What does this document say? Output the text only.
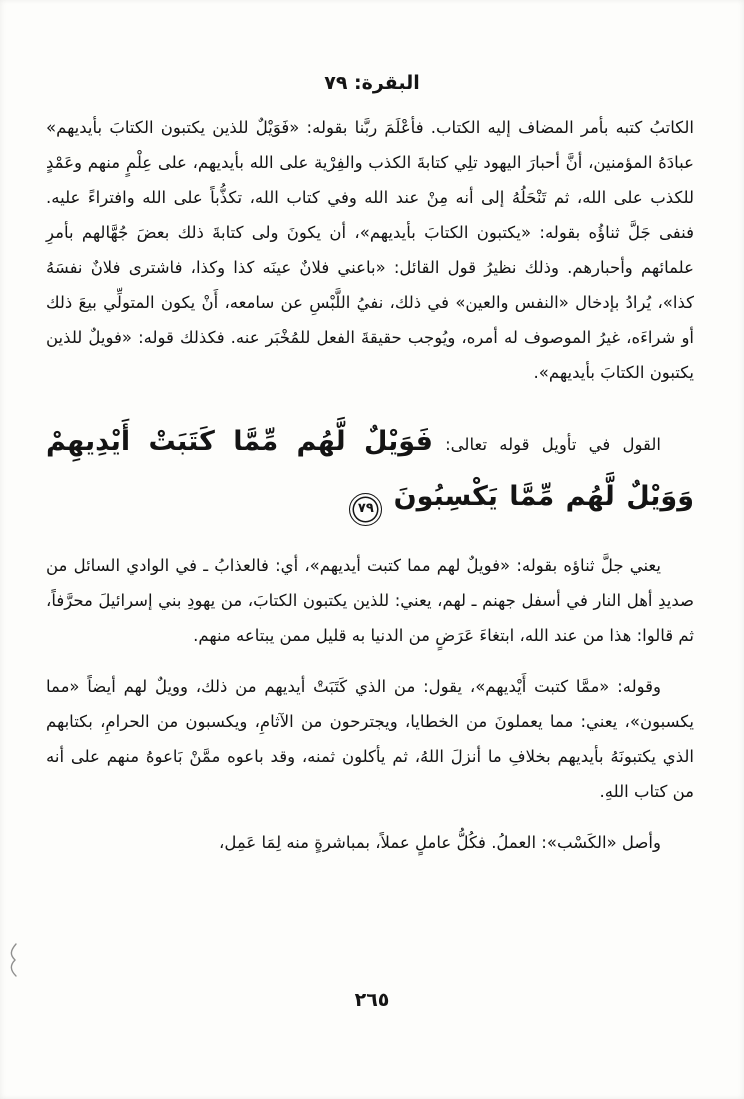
البقرة: ٧٩

الكاتبُ كتبه بأمر المضاف إليه الكتاب. فأعْلَمَ ربَّنا بقوله: «فَوَيْلٌ للذين يكتبون الكتابَ بأيديهم» عبادَهُ المؤمنين، أنَّ أحبارَ اليهود تلِي كتابةَ الكذب والفِرْية على الله بأيديهم، على عِلْمٍ منهم وعَمْدٍ للكذب على الله، ثم تَنْحَلُهُ إلى أنه مِنْ عند الله وفي كتاب الله، تكذُّباً على الله وافتراءً عليه. فنفى جَلَّ ثناؤُه بقوله: «يكتبون الكتابَ بأيديهم»، أن يكونَ ولى كتابةَ ذلك بعضَ جُهَّالهم بأمرِ علمائهم وأحبارهم. وذلك نظيرُ قول القائل: «باعني فلانٌ عينَه كذا وكذا، فاشترى فلانٌ نفسَهُ كذا»، يُرادُ بإدخال «النفس والعين» في ذلك، نفيُ اللَّبْسِ عن سامعه، أَنْ يكون المتولِّي بيعَ ذلك أو شراءَه، غيرُ الموصوف له أمره، ويُوجب حقيقةَ الفعل للمُخْبَر عنه. فكذلك قوله: «فويلٌ للذين يكتبون الكتابَ بأيديهم».

القول في تأويل قوله تعالى: فَوَيْلٌ لَّهُم مِّمَّا كَتَبَتْ أَيْدِيهِمْ وَوَيْلٌ لَّهُم مِّمَّا يَكْسِبُونَ
٧٩

يعني جلَّ ثناؤه بقوله: «فويلٌ لهم مما كتبت أيديهم»، أي: فالعذابُ ـ في الوادي السائل من صديدِ أهل النار في أسفل جهنم ـ لهم، يعني: للذين يكتبون الكتابَ، من يهودِ بني إسرائيلَ محرَّفاً، ثم قالوا: هذا من عند الله، ابتغاءَ عَرَضٍ من الدنيا به قليل ممن يبتاعه منهم.

وقوله: «ممَّا كتبت أَيْديهم»، يقول: من الذي كَتَبَتْ أيديهم من ذلك، وويلٌ لهم أيضاً «مما يكسبون»، يعني: مما يعملونَ من الخطايا، ويجترحون من الآثامِ، ويكسبون من الحرامِ، بكتابهم الذي يكتبونَهُ بأيديهم بخلافِ ما أنزلَ اللهُ، ثم يأكلون ثمنه، وقد باعوه ممَّنْ بَاعوهُ منهم على أنه من كتاب اللهِ.

وأصل «الكَسْب»: العملُ. فكُلُّ عاملٍ عملاً، بمباشرةٍ منه لِمَا عَمِل،

٢٦٥
